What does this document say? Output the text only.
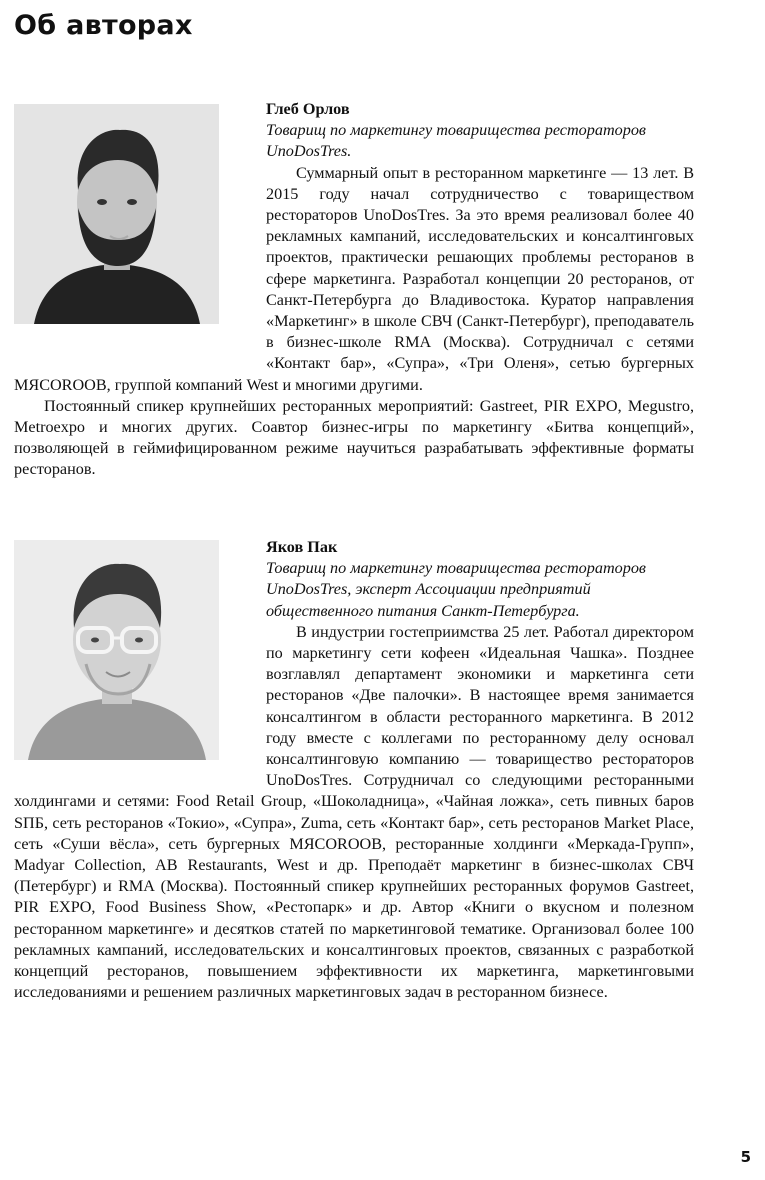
Об авторах

Глеб Орлов

Товарищ по маркетингу товарищества рестораторов UnoDosTres.

Суммарный опыт в ресторанном маркетинге — 13 лет. В 2015 году начал сотрудничество с товариществом рестораторов UnoDosTres. За это время реализовал более 40 рекламных кампаний, исследовательских и консалтинговых проектов, практически решающих проблемы ресторанов в сфере маркетинга. Разработал концепции 20 ресторанов, от Санкт-Петербурга до Владивостока. Куратор направления «Маркетинг» в школе СВЧ (Санкт-Петербург), преподаватель в бизнес-школе RMA (Москва). Сотрудничал с сетями «Контакт бар», «Супра», «Три Оленя», сетью бургерных МЯСОROOB, группой компаний West и многими другими.

Постоянный спикер крупнейших ресторанных мероприятий: Gastreet, PIR EXPO, Megustro, Metroexpo и многих других. Соавтор бизнес-игры по маркетингу «Битва концепций», позволяющей в геймифицированном режиме научиться разрабатывать эффективные форматы ресторанов.

Яков Пак

Товарищ по маркетингу товарищества рестораторов UnoDosTres, эксперт Ассоциации предприятий общественного питания Санкт-Петербурга.

В индустрии гостеприимства 25 лет. Работал директором по маркетингу сети кофеен «Идеальная Чашка». Позднее возглавлял департамент экономики и маркетинга сети ресторанов «Две палочки». В настоящее время занимается консалтингом в области ресторанного маркетинга. В 2012 году вместе с коллегами по ресторанному делу основал консалтинговую компанию — товарищество рестораторов UnoDosTres. Сотрудничал со следующими ресторанными холдингами и сетями: Food Retail Group, «Шоколадница», «Чайная ложка», сеть пивных баров SПБ, сеть ресторанов «Токио», «Супра», Zuma, сеть «Контакт бар», сеть ресторанов Market Place, сеть «Суши вёсла», сеть бургерных МЯСОROOB, ресторанные холдинги «Меркада-Групп», Madyar Collection, AB Restaurants, West и др. Преподаёт маркетинг в бизнес-школах СВЧ (Петербург) и RMA (Москва). Постоянный спикер крупнейших ресторанных форумов Gastreet, PIR EXPO, Food Business Show, «Рестопарк» и др. Автор «Книги о вкусном и полезном ресторанном маркетинге» и десятков статей по маркетинговой тематике. Организовал более 100 рекламных кампаний, исследовательских и консалтинговых проектов, связанных с разработкой концепций ресторанов, повышением эффективности их маркетинга, маркетинговыми исследованиями и решением различных маркетинговых задач в ресторанном бизнесе.

5
